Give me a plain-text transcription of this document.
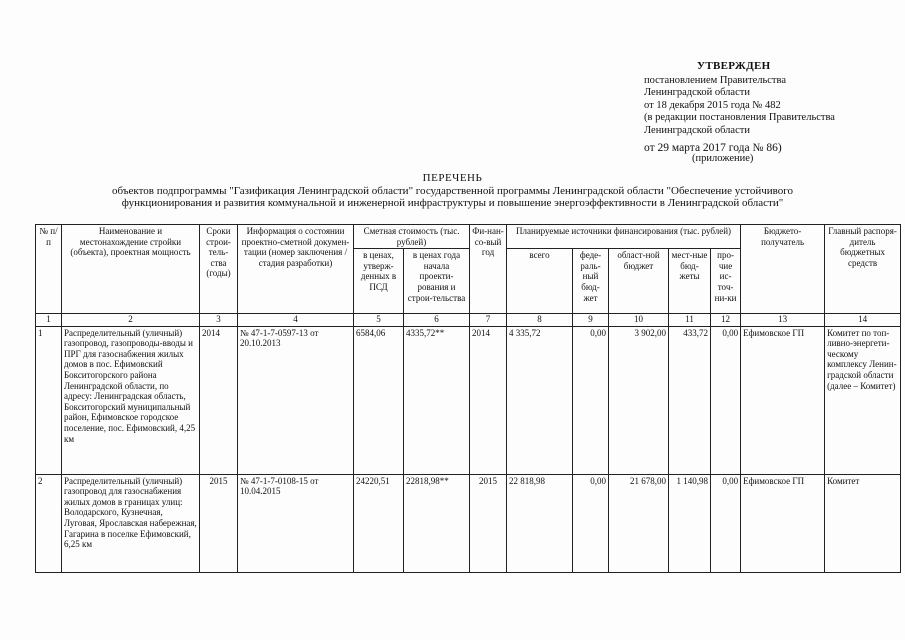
УТВЕРЖДЕН
постановлением Правительства
Ленинградской области
от 18 декабря 2015 года № 482
(в редакции постановления Правительства
Ленинградской области
от 29 марта 2017 года № 86)
(приложение)
ПЕРЕЧЕНЬ
объектов подпрограммы "Газификация Ленинградской области" государственной программы Ленинградской области "Обеспечение устойчивого функционирования и развития коммунальной и инженерной инфраструктуры и повышение энергоэффективности в Ленинградской области"
№ п/п	Наименование и местонахождение стройки (объекта), проектная мощность	Сроки строи-тель-ства (годы)	Информация о состоянии проектно-сметной докумен-тации (номер заключения / стадия разработки)	Сметная стоимость (тыс. рублей)		Фи-нан-со-вый год	Планируемые источники финансирования (тыс. рублей)					Бюджето-получатель	Главный распоря-дитель бюджетных средств
				в ценах, утверж-денных в ПСД	в ценах года начала проекти-рования и строи-тельства		всего	феде-раль-ный бюд-жет	област-ной бюджет	мест-ные бюд-жеты	про-чие ис-точ-ни-ки		
1	2	3	4	5	6	7	8	9	10	11	12	13	14
1	Распределительный (уличный) газопровод, газопроводы-вводы и ПРГ для газоснабжения жилых домов в пос. Ефимовский Бокситогорского района Ленинградской области, по адресу: Ленинградская область, Бокситогорский муниципальный район, Ефимовское городское поселение, пос. Ефимовский, 4,25 км	2014	№ 47-1-7-0597-13 от 20.10.2013	6584,06	4335,72**	2014	4 335,72	0,00	3 902,00	433,72	0,00	Ефимовское ГП	Комитет по топ-ливно-энергети-ческому комплексу Ленин-градской области (далее – Комитет)
2	Распределительный (уличный) газопровод для газоснабжения жилых домов в границах улиц: Володарского, Кузнечная, Луговая, Ярославская набережная, Гагарина в поселке Ефимовский, 6,25 км	2015	№ 47-1-7-0108-15 от 10.04.2015	24220,51	22818,98**	2015	22 818,98	0,00	21 678,00	1 140,98	0,00	Ефимовское ГП	Комитет
